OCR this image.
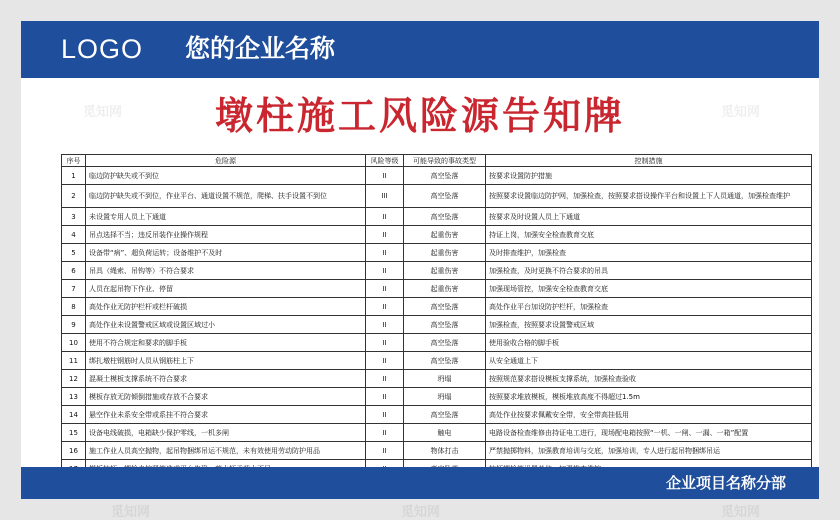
LOGO 您的企业名称
墩柱施工风险源告知牌
序号	危险源	风险等级	可能导致的事故类型	控制措施
1	临边防护缺失或不到位	II	高空坠落	按要求设置防护措施
2	临边防护缺失或不到位，作业平台、通道设置不规范，爬梯、扶手设置不到位	III	高空坠落	按照要求设置临边防护网，加强检查，按照要求搭设操作平台和设置上下人员通道，加强检查维护
3	未设置专用人员上下通道	II	高空坠落	按要求及时设置人员上下通道
4	吊点选择不当；违反吊装作业操作规程	II	起重伤害	持证上岗，加强安全检查教育交底
5	设备带“病”、超负荷运转；设备维护不及时	II	起重伤害	及时排查维护，加强检查
6	吊具（绳索、吊钩等）不符合要求	II	起重伤害	加强检查，及时更换不符合要求的吊具
7	人员在起吊物下作业、停留	II	起重伤害	加强现场管控，加强安全检查教育交底
8	高处作业无防护栏杆或栏杆破损	II	高空坠落	高处作业平台加设防护栏杆，加强检查
9	高处作业未设置警戒区域或设置区域过小	II	高空坠落	加强检查，按照要求设置警戒区域
10	使用不符合规定和要求的脚手板	II	高空坠落	使用验收合格的脚手板
11	绑扎墩柱钢筋时人员从钢筋柱上下	II	高空坠落	从安全通道上下
12	混凝土模板支撑系统不符合要求	II	坍塌	按照规范要求搭设模板支撑系统，加强检查验收
13	模板存放无防倾倒措施或存放不合要求	II	坍塌	按照要求堆放模板，模板堆放高度不得超过1.5m
14	悬空作业未系安全带或系挂不符合要求	II	高空坠落	高处作业按要求佩戴安全带，安全带高挂低用
15	设备电线破损，电箱缺少保护零线，一机多闸	II	触电	电路设备检查维修由持证电工进行，现场配电箱按照“一机、一闸、一漏、一箱”配置
16	施工作业人员高空抛物，起吊物捆绑吊运不规范，未有效使用劳动防护用品	II	物体打击	严禁抛掷物料，加强教育培训与交底，加强培训，专人进行起吊物捆绑吊运

企业项目名称分部
觅知网	觅知网
觅知网	觅知网	觅知网
